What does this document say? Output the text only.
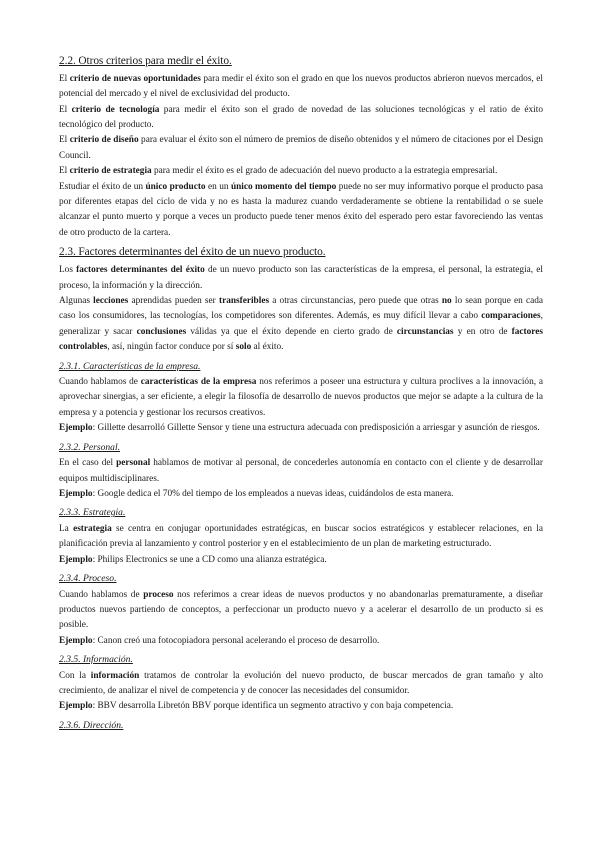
2.2. Otros criterios para medir el éxito.

El criterio de nuevas oportunidades para medir el éxito son el grado en que los nuevos productos abrieron nuevos mercados, el potencial del mercado y el nivel de exclusividad del producto.

El criterio de tecnología para medir el éxito son el grado de novedad de las soluciones tecnológicas y el ratio de éxito tecnológico del producto.

El criterio de diseño para evaluar el éxito son el número de premios de diseño obtenidos y el número de citaciones por el Design Council.

El criterio de estrategia para medir el éxito es el grado de adecuación del nuevo producto a la estrategia empresarial.

Estudiar el éxito de un único producto en un único momento del tiempo puede no ser muy informativo porque el producto pasa por diferentes etapas del ciclo de vida y no es hasta la madurez cuando verdaderamente se obtiene la rentabilidad o se suele alcanzar el punto muerto y porque a veces un producto puede tener menos éxito del esperado pero estar favoreciendo las ventas de otro producto de la cartera.

2.3. Factores determinantes del éxito de un nuevo producto.

Los factores determinantes del éxito de un nuevo producto son las características de la empresa, el personal, la estrategia, el proceso, la información y la dirección.

Algunas lecciones aprendidas pueden ser transferibles a otras circunstancias, pero puede que otras no lo sean porque en cada caso los consumidores, las tecnologías, los competidores son diferentes. Además, es muy difícil llevar a cabo comparaciones, generalizar y sacar conclusiones válidas ya que el éxito depende en cierto grado de circunstancias y en otro de factores controlables, así, ningún factor conduce por sí solo al éxito.

2.3.1. Características de la empresa.

Cuando hablamos de características de la empresa nos referimos a poseer una estructura y cultura proclives a la innovación, a aprovechar sinergias, a ser eficiente, a elegir la filosofía de desarrollo de nuevos productos que mejor se adapte a la cultura de la empresa y a potencia y gestionar los recursos creativos.

Ejemplo: Gillette desarrolló Gillette Sensor y tiene una estructura adecuada con predisposición a arriesgar y asunción de riesgos.

2.3.2. Personal.

En el caso del personal hablamos de motivar al personal, de concederles autonomía en contacto con el cliente y de desarrollar equipos multidisciplinares.

Ejemplo: Google dedica el 70% del tiempo de los empleados a nuevas ideas, cuidándolos de esta manera.

2.3.3. Estrategia.

La estrategia se centra en conjugar oportunidades estratégicas, en buscar socios estratégicos y establecer relaciones, en la planificación previa al lanzamiento y control posterior y en el establecimiento de un plan de marketing estructurado.

Ejemplo: Philips Electronics se une a CD como una alianza estratégica.

2.3.4. Proceso.

Cuando hablamos de proceso nos referimos a crear ideas de nuevos productos y no abandonarlas prematuramente, a diseñar productos nuevos partiendo de conceptos, a perfeccionar un producto nuevo y a acelerar el desarrollo de un producto si es posible.

Ejemplo: Canon creó una fotocopiadora personal acelerando el proceso de desarrollo.

2.3.5. Información.

Con la información tratamos de controlar la evolución del nuevo producto, de buscar mercados de gran tamaño y alto crecimiento, de analizar el nivel de competencia y de conocer las necesidades del consumidor.

Ejemplo: BBV desarrolla Libretón BBV porque identifica un segmento atractivo y con baja competencia.

2.3.6. Dirección.
